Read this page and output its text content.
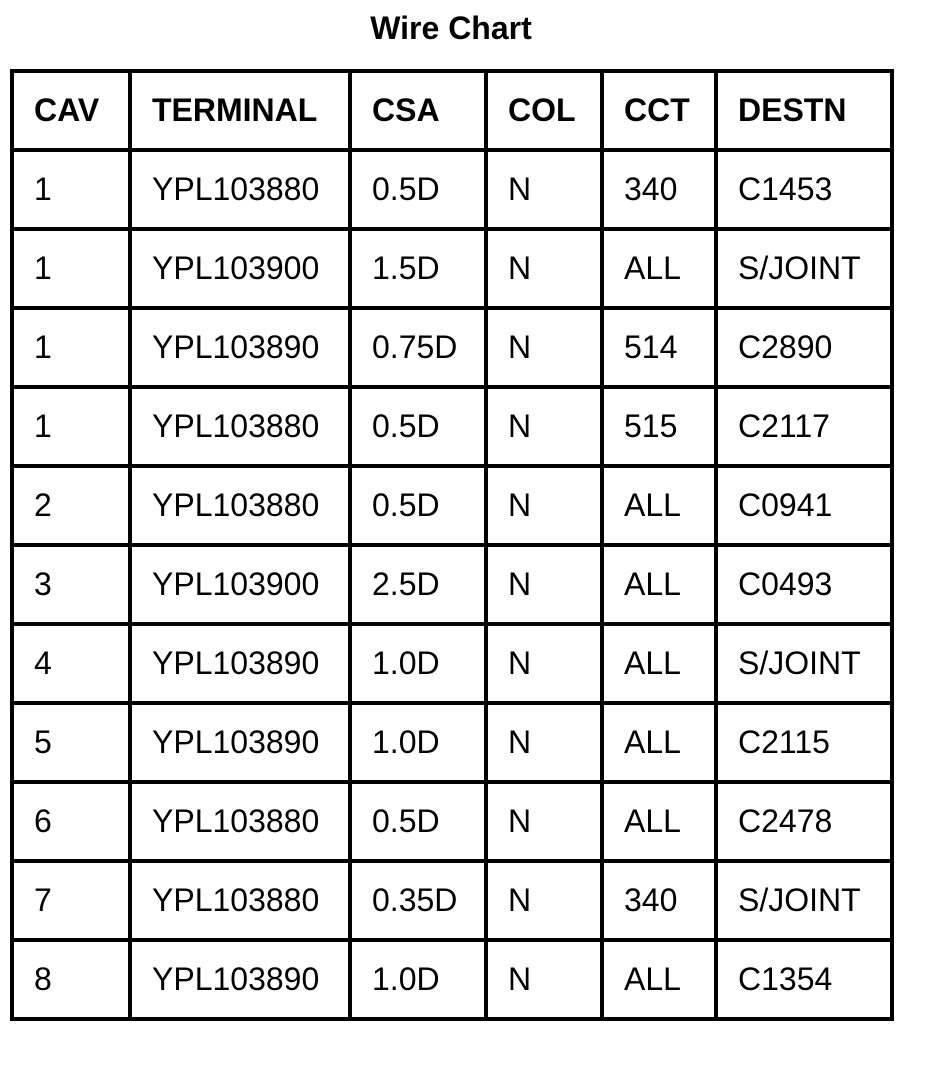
Wire Chart
CAV	TERMINAL	CSA	COL	CCT	DESTN
1	YPL103880	0.5D	N	340	C1453
1	YPL103900	1.5D	N	ALL	S/JOINT
1	YPL103890	0.75D	N	514	C2890
1	YPL103880	0.5D	N	515	C2117
2	YPL103880	0.5D	N	ALL	C0941
3	YPL103900	2.5D	N	ALL	C0493
4	YPL103890	1.0D	N	ALL	S/JOINT
5	YPL103890	1.0D	N	ALL	C2115
6	YPL103880	0.5D	N	ALL	C2478
7	YPL103880	0.35D	N	340	S/JOINT
8	YPL103890	1.0D	N	ALL	C1354
